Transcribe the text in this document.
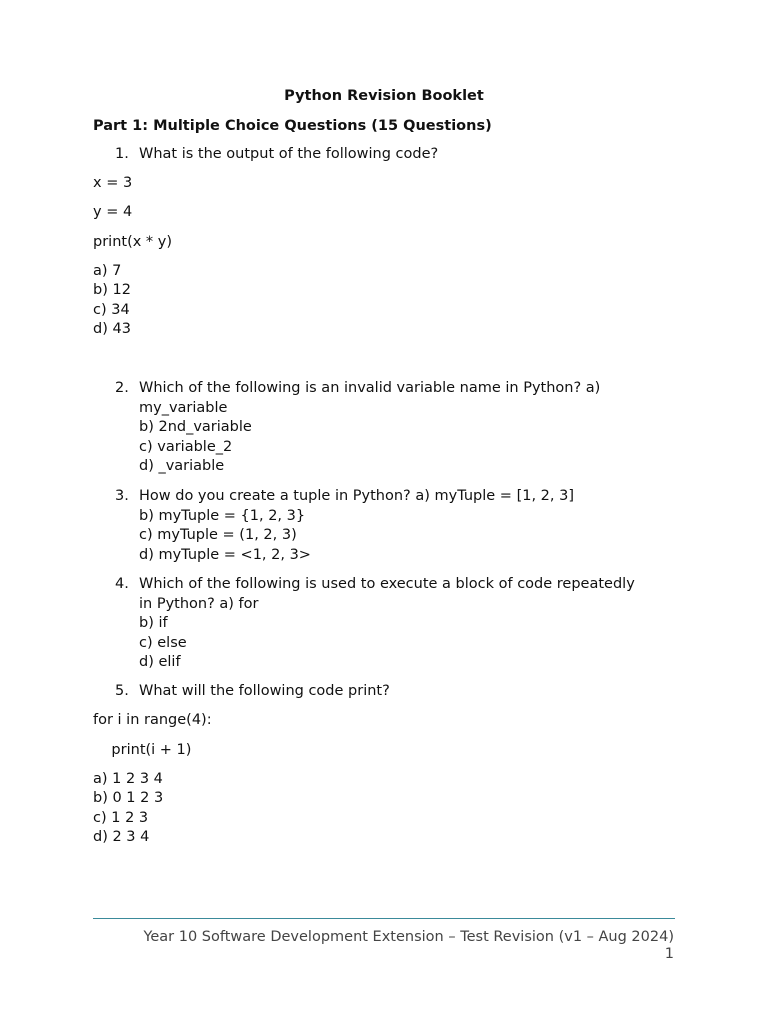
Python Revision Booklet
Part 1: Multiple Choice Questions (15 Questions)
1. What is the output of the following code?
x = 3
y = 4
print(x * y)
a) 7
b) 12
c) 34
d) 43
2. Which of the following is an invalid variable name in Python? a)
my_variable
b) 2nd_variable
c) variable_2
d) _variable
3. How do you create a tuple in Python? a) myTuple = [1, 2, 3]
b) myTuple = {1, 2, 3}
c) myTuple = (1, 2, 3)
d) myTuple = <1, 2, 3>
4. Which of the following is used to execute a block of code repeatedly
in Python? a) for
b) if
c) else
d) elif
5. What will the following code print?
for i in range(4):
print(i + 1)
a) 1 2 3 4
b) 0 1 2 3
c) 1 2 3
d) 2 3 4
Year 10 Software Development Extension – Test Revision (v1 – Aug 2024)
1
